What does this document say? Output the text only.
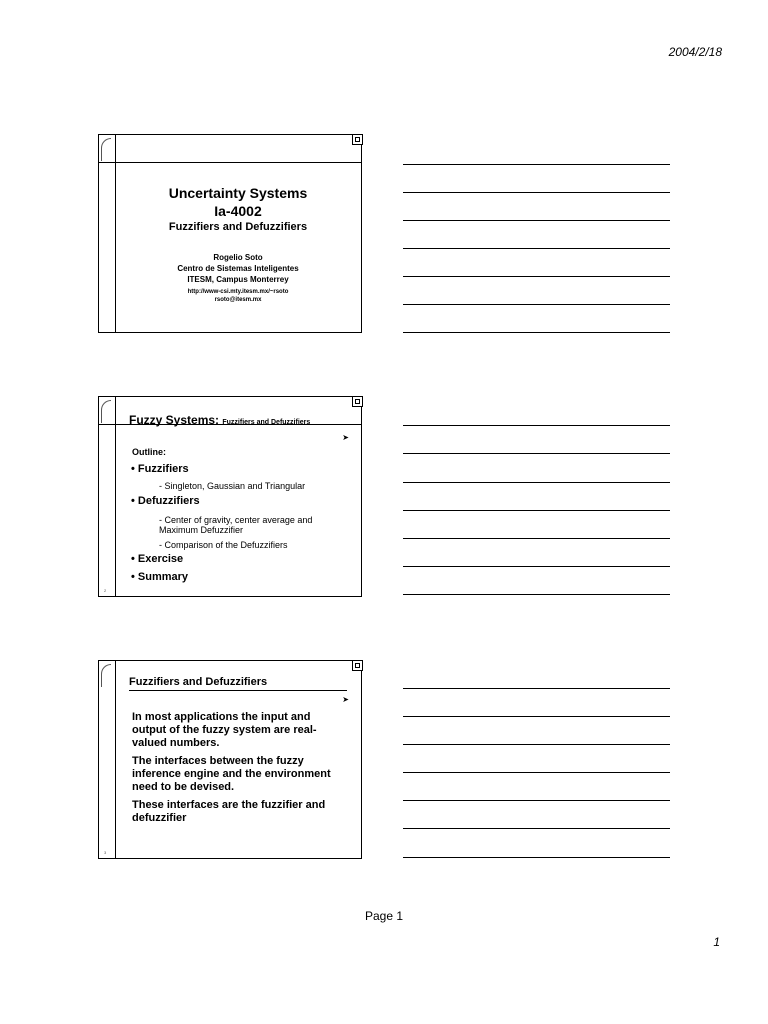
2004/2/18
Uncertainty Systems
Ia-4002
Fuzzifiers and Defuzzifiers
Rogelio Soto
Centro de Sistemas Inteligentes
ITESM, Campus Monterrey
http://www-csi.mty.itesm.mx/~rsoto
rsoto@itesm.mx
Fuzzy Systems: Fuzzifiers and Defuzzifiers
➤
Outline:
• Fuzzifiers
- Singleton, Gaussian and Triangular
• Defuzzifiers
- Center of gravity, center average and Maximum Defuzzifier
- Comparison of the Defuzzifiers
• Exercise
• Summary
2
Fuzzifiers and Defuzzifiers
➤
In most applications the input and output of the fuzzy system are real-valued numbers.
The interfaces between the fuzzy inference engine and the environment need to be devised.
These interfaces are the fuzzifier and defuzzifier
3
Page 1
1
